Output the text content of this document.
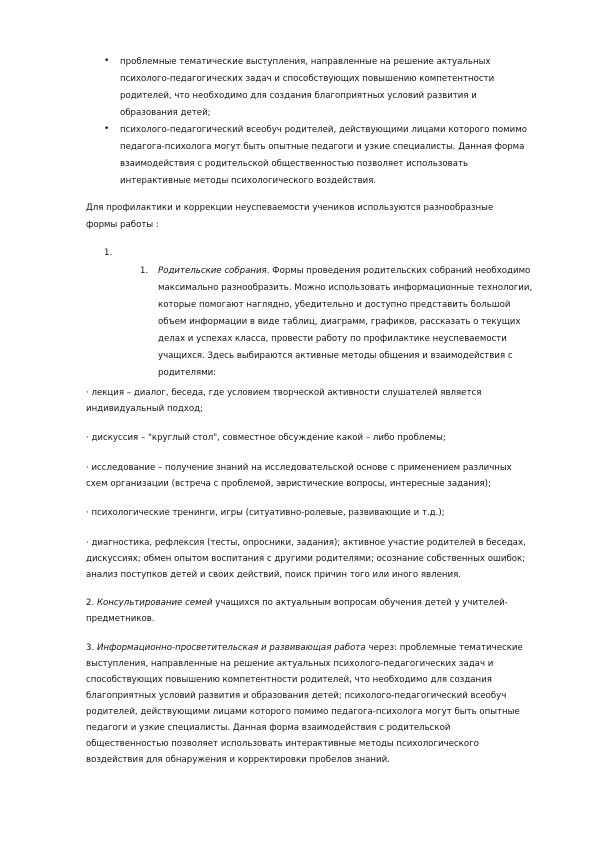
• проблемные тематические выступления, направленные на решение актуальных
психолого-педагогических задач и способствующих повышению компетентности
родителей, что необходимо для создания благоприятных условий развития и
образования детей;
• психолого-педагогический всеобуч родителей, действующими лицами которого помимо
педагога-психолога могут быть опытные педагоги и узкие специалисты. Данная форма
взаимодействия с родительской общественностью позволяет использовать
интерактивные методы психологического воздействия.
Для профилактики и коррекции неуспеваемости учеников используются разнообразные
формы работы :
1.
1. Родительские собрания. Формы проведения родительских собраний необходимо
максимально разнообразить. Можно использовать информационные технологии,
которые помогают наглядно, убедительно и доступно представить большой
объем информации в виде таблиц, диаграмм, графиков, рассказать о текущих
делах и успехах класса, провести работу по профилактике неуспеваемости
учащихся. Здесь выбираются активные методы общения и взаимодействия с
родителями:
· лекция – диалог, беседа, где условием творческой активности слушателей является
индивидуальный подход;
· дискуссия – "круглый стол", совместное обсуждение какой – либо проблемы;
· исследование – получение знаний на исследовательской основе с применением различных
схем организации (встреча с проблемой, эвристические вопросы, интересные задания);
· психологические тренинги, игры (ситуативно-ролевые, развивающие и т.д.);
· диагностика, рефлексия (тесты, опросники, задания); активное участие родителей в беседах,
дискуссиях; обмен опытом воспитания с другими родителями; осознание собственных ошибок;
анализ поступков детей и своих действий, поиск причин того или иного явления.
2. Консультирование семей учащихся по актуальным вопросам обучения детей у учителей-
предметников.
3. Информационно-просветительская и развивающая работа через: проблемные тематические
выступления, направленные на решение актуальных психолого-педагогических задач и
способствующих повышению компетентности родителей, что необходимо для создания
благоприятных условий развития и образования детей; психолого-педагогический всеобуч
родителей, действующими лицами которого помимо педагога-психолога могут быть опытные
педагоги и узкие специалисты. Данная форма взаимодействия с родительской
общественностью позволяет использовать интерактивные методы психологического
воздействия для обнаружения и корректировки пробелов знаний.
